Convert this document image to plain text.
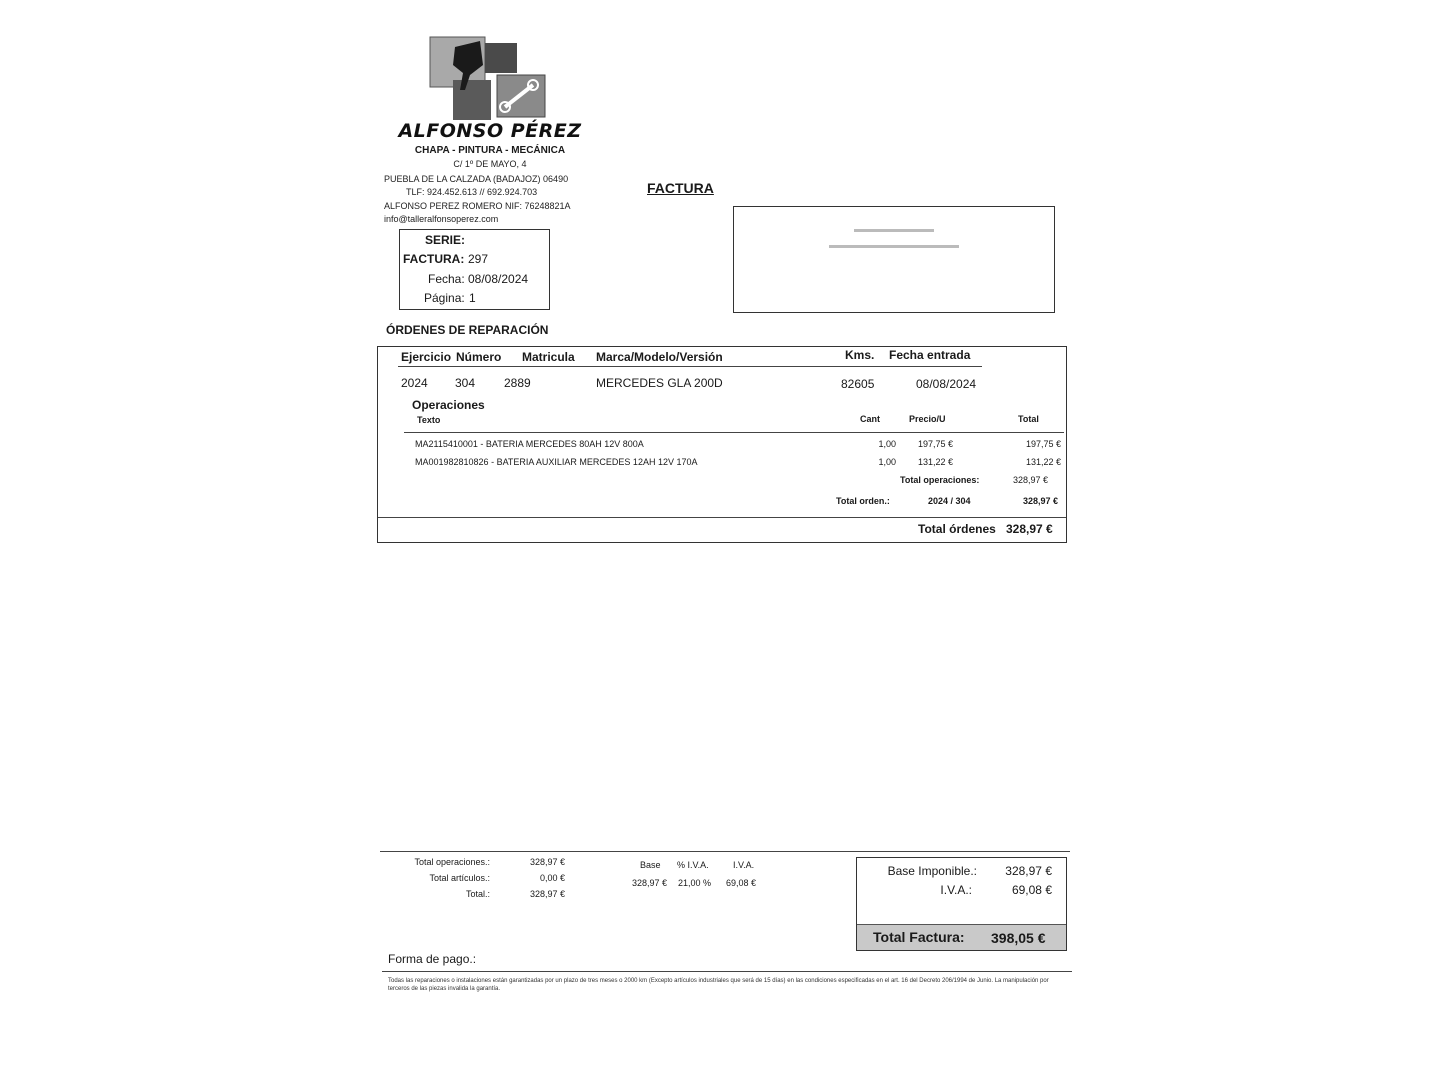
ALFONSO PÉREZ
CHAPA - PINTURA - MECÁNICA
C/ 1º DE MAYO, 4
PUEBLA DE LA CALZADA (BADAJOZ) 06490
TLF: 924.452.613 // 692.924.703
ALFONSO PEREZ ROMERO NIF: 76248821A
info@talleralfonsoperez.com
FACTURA
SERIE:
FACTURA: 297
Fecha: 08/08/2024
Página: 1
ÓRDENES DE REPARACIÓN
Ejercicio Número Matricula Marca/Modelo/Versión	Kms. Fecha entrada
2024 304 2889	MERCEDES GLA 200D	82605	08/08/2024
Operaciones
Texto	Cant	Precio/U	Total
MA2115410001 - BATERIA MERCEDES 80AH 12V 800A	1,00	197,75 €	197,75 €
MA001982810826 - BATERIA AUXILIAR MERCEDES 12AH 12V 170A	1,00	131,22 €	131,22 €
Total operaciones:	328,97 €
Total orden.:	2024 / 304	328,97 €
Total órdenes 328,97 €
Total operaciones.:	328,97 €
Total artículos.:	0,00 €
Total.:	328,97 €
Base % I.V.A.	I.V.A.
328,97 € 21,00 % 69,08 €
Base Imponible.:	328,97 €
I.V.A.:	69,08 €
Total Factura: 398,05 €
Forma de pago.:
Todas las reparaciones o instalaciones están garantizadas por un plazo de tres meses o 2000 km (Excepto artículos industriales que será de 15 días) en las condiciones especificadas en el art. 16 del Decreto 206/1994 de Junio. La manipulación por terceros de las piezas invalida la garantía.
